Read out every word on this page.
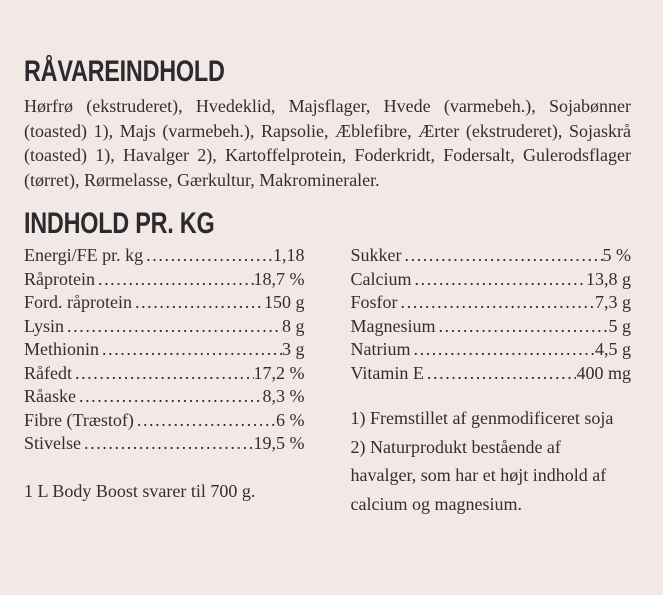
RÅVAREINDHOLD

Hørfrø (ekstruderet), Hvedeklid, Majsflager, Hvede (varmebeh.), Sojabønner (toasted) 1), Majs (varmebeh.), Rapsolie, Æblefibre, Ærter (ekstruderet), Sojaskrå (toasted) 1), Havalger 2), Kartoffelprotein, Foderkridt, Fodersalt, Gulerodsflager (tørret), Rørmelasse, Gærkultur, Makromineraler.

INDHOLD PR. KG
Energi/FE pr. kg .....	1,18
Råprotein .....	18,7 %
Ford. råprotein .....	150 g
Lysin .....	8 g
Methionin .....	3 g
Råfedt .....	17,2 %
Råaske .....	8,3 %
Fibre (Træstof) .....	6 %
Stivelse .....	19,5 %

1 L Body Boost svarer til 700 g.

Sukker .....	5 %
Calcium .....	13,8 g
Fosfor .....	7,3 g
Magnesium .....	5 g
Natrium .....	4,5 g
Vitamin E .....	400 mg

1) Fremstillet af genmodificeret soja

2) Naturprodukt bestående af havalger, som har et højt indhold af calcium og magnesium.
